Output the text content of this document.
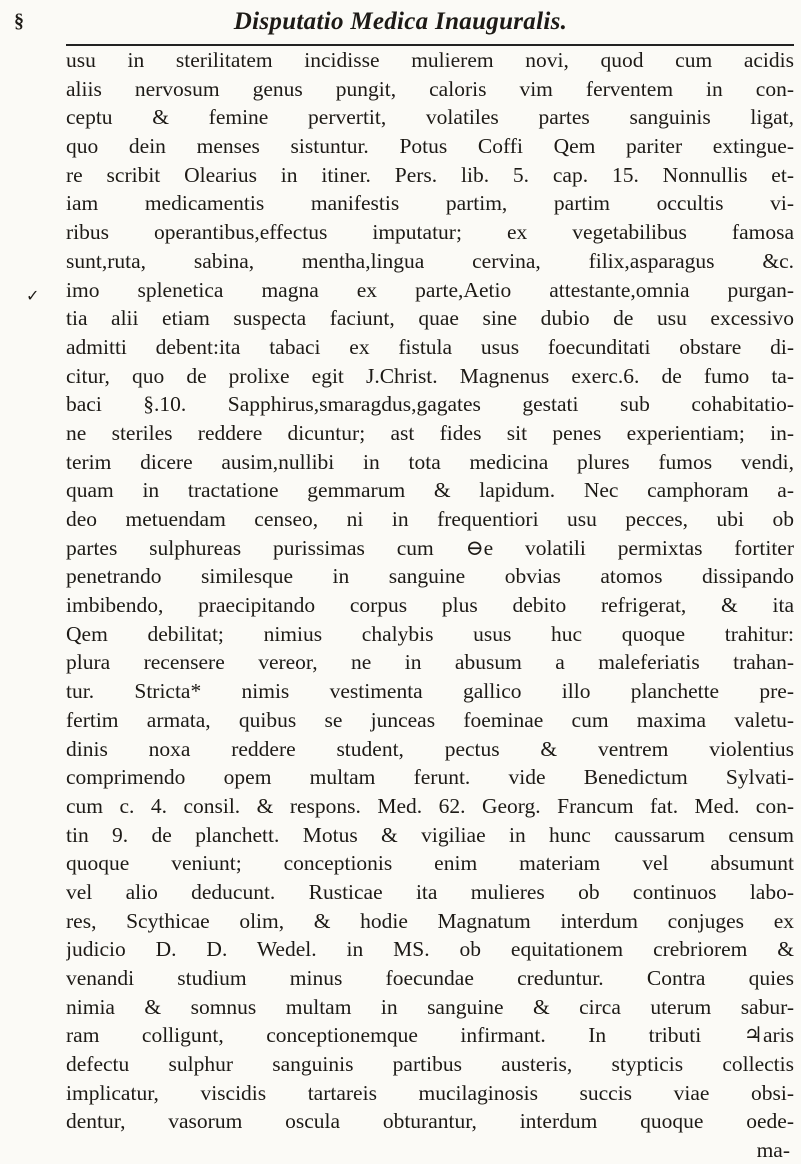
§	Disputatio Medica Inauguralis.
✓
usu in sterilitatem incidisse mulierem novi, quod cum acidis
aliis nervosum genus pungit, caloris vim ferventem in con-
ceptu & femine pervertit, volatiles partes sanguinis ligat,
quo dein menses sistuntur. Potus Coffi Qem pariter extingue-
re scribit Olearius in itiner. Pers. lib. 5. cap. 15. Nonnullis et-
iam medicamentis manifestis partim, partim occultis vi-
ribus operantibus,effectus imputatur; ex vegetabilibus famosa
sunt,ruta, sabina, mentha,lingua cervina, filix,asparagus &c.
imo splenetica magna ex parte,Aetio attestante,omnia purgan-
tia alii etiam suspecta faciunt, quae sine dubio de usu excessivo
admitti debent:ita tabaci ex fistula usus foecunditati obstare di-
citur, quo de prolixe egit J.Christ. Magnenus exerc.6. de fumo ta-
baci §.10. Sapphirus,smaragdus,gagates gestati sub cohabitatio-
ne steriles reddere dicuntur; ast fides sit penes experientiam; in-
terim dicere ausim,nullibi in tota medicina plures fumos vendi,
quam in tractatione gemmarum & lapidum. Nec camphoram a-
deo metuendam censeo, ni in frequentiori usu pecces, ubi ob
partes sulphureas purissimas cum ⊖e volatili permixtas fortiter
penetrando similesque in sanguine obvias atomos dissipando
imbibendo, praecipitando corpus plus debito refrigerat, & ita
Qem debilitat; nimius chalybis usus huc quoque trahitur:
plura recensere vereor, ne in abusum a maleferiatis trahan-
tur. Stricta* nimis vestimenta gallico illo planchette pre-
fertim armata, quibus se junceas foeminae cum maxima valetu-
dinis noxa reddere student, pectus & ventrem violentius
comprimendo opem multam ferunt. vide Benedictum Sylvati-
cum c. 4. consil. & respons. Med. 62. Georg. Francum fat. Med. con-
tin 9. de planchett. Motus & vigiliae in hunc caussarum censum
quoque veniunt; conceptionis enim materiam vel absumunt
vel alio deducunt. Rusticae ita mulieres ob continuos labo-
res, Scythicae olim, & hodie Magnatum interdum conjuges ex
judicio D. D. Wedel. in MS. ob equitationem crebriorem &
venandi studium minus foecundae creduntur. Contra quies
nimia & somnus multam in sanguine & circa uterum sabur-
ram colligunt, conceptionemque infirmant. In tributi ♃aris
defectu sulphur sanguinis partibus austeris, stypticis collectis
implicatur, viscidis tartareis mucilaginosis succis viae obsi-
dentur, vasorum oscula obturantur, interdum quoque oede-
ma-
